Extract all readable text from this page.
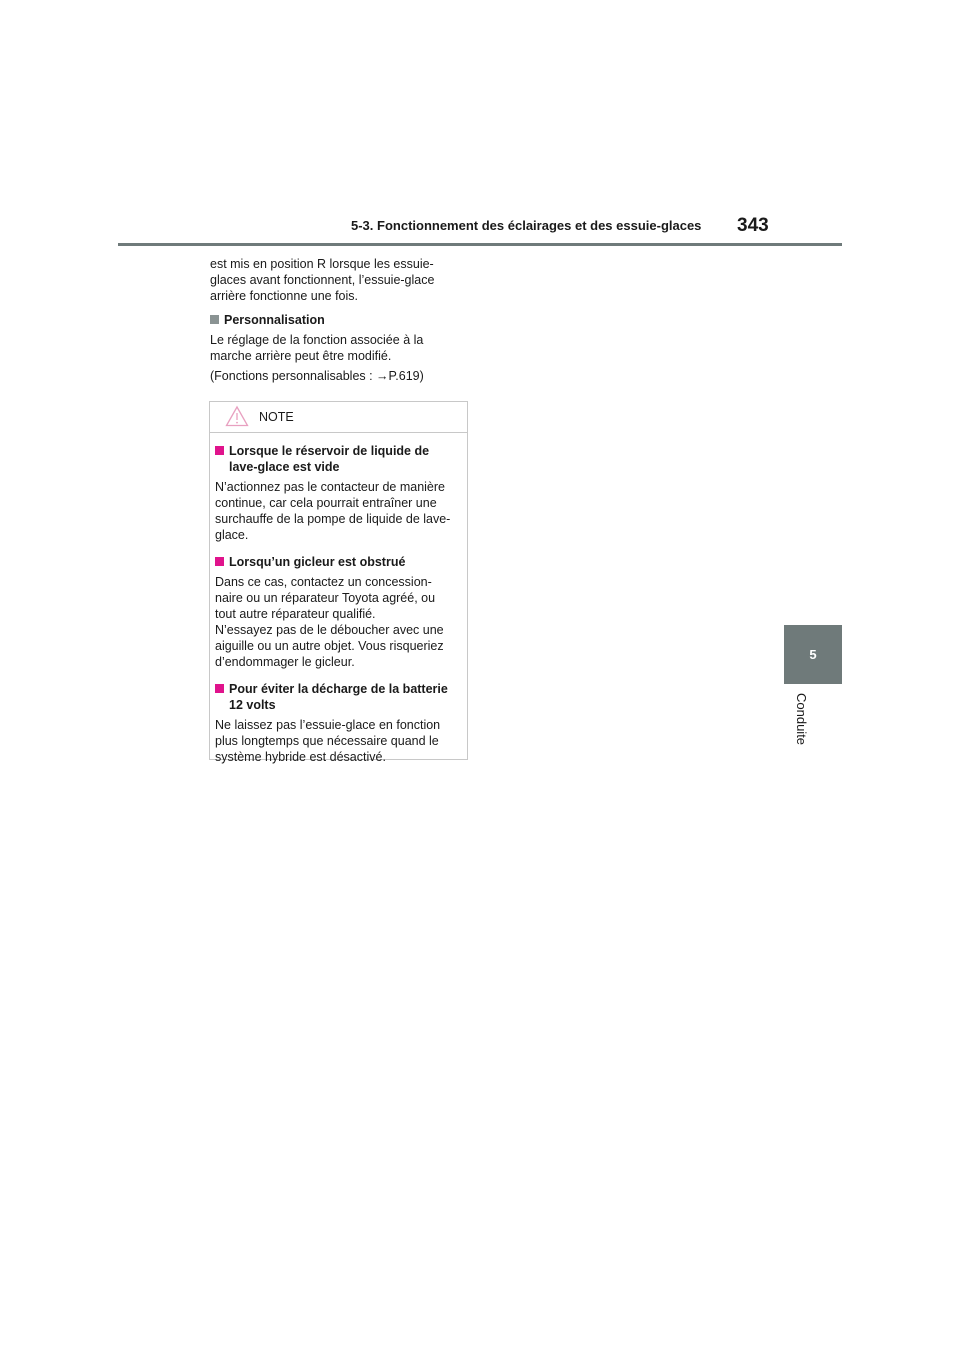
5-3. Fonctionnement des éclairages et des essuie-glaces 343
5
Conduite

est mis en position R lorsque les essuie-
glaces avant fonctionnent, l’essuie-glace
arrière fonctionne une fois.

Personnalisation

Le réglage de la fonction associée à la
marche arrière peut être modifié.

(Fonctions personnalisables : →P.619)

NOTE
Lorsque le réservoir de liquide de
lave-glace est vide

N’actionnez pas le contacteur de manière
continue, car cela pourrait entraîner une
surchauffe de la pompe de liquide de lave-
glace.

Lorsqu’un gicleur est obstrué

Dans ce cas, contactez un concession-
naire ou un réparateur Toyota agréé, ou
tout autre réparateur qualifié.
N’essayez pas de le déboucher avec une
aiguille ou un autre objet. Vous risqueriez
d’endommager le gicleur.

Pour éviter la décharge de la batterie
12 volts

Ne laissez pas l’essuie-glace en fonction
plus longtemps que nécessaire quand le
système hybride est désactivé.
